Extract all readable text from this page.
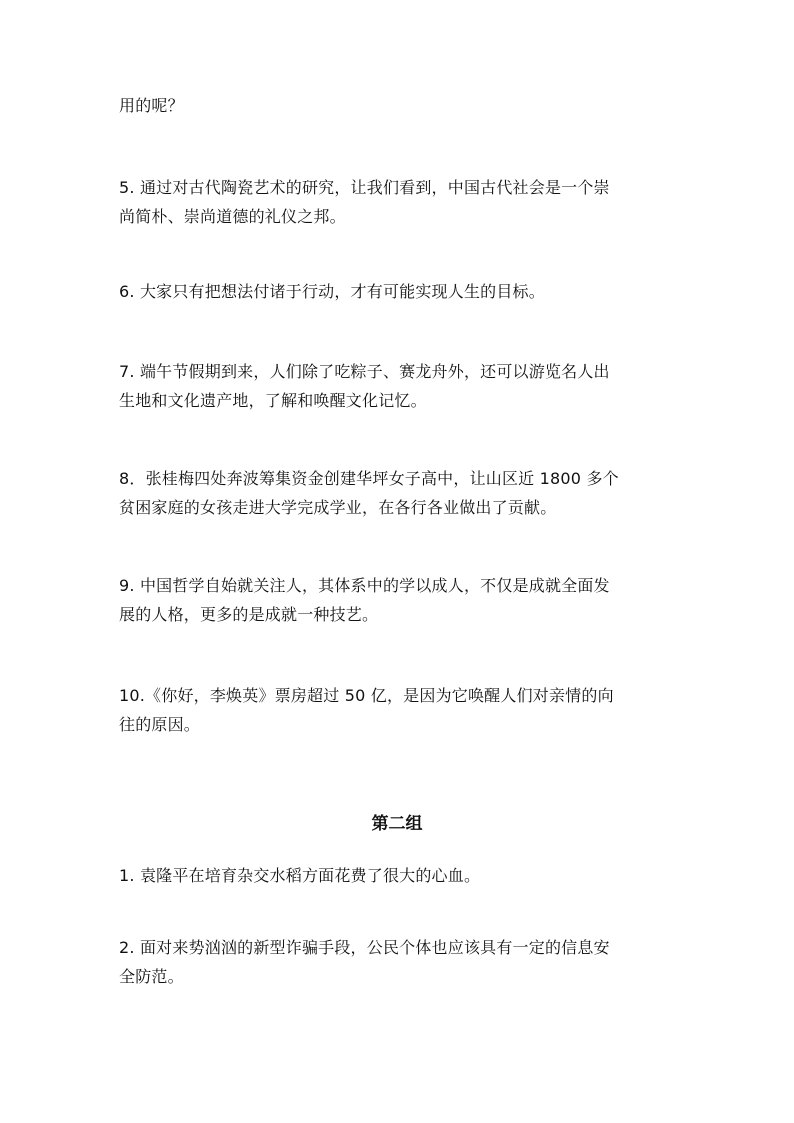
用的呢？
5. 通过对古代陶瓷艺术的研究，让我们看到，中国古代社会是一个崇
尚简朴、崇尚道德的礼仪之邦。
6. 大家只有把想法付诸于行动，才有可能实现人生的目标。
7. 端午节假期到来，人们除了吃粽子、赛龙舟外，还可以游览名人出
生地和文化遗产地，了解和唤醒文化记忆。
8．张桂梅四处奔波筹集资金创建华坪女子高中，让山区近 1800 多个
贫困家庭的女孩走进大学完成学业，在各行各业做出了贡献。
9. 中国哲学自始就关注人，其体系中的学以成人，不仅是成就全面发
展的人格，更多的是成就一种技艺。
10.《你好，李焕英》票房超过 50 亿，是因为它唤醒人们对亲情的向
往的原因。
第二组
1. 袁隆平在培育杂交水稻方面花费了很大的心血。
2. 面对来势汹汹的新型诈骗手段，公民个体也应该具有一定的信息安
全防范。
